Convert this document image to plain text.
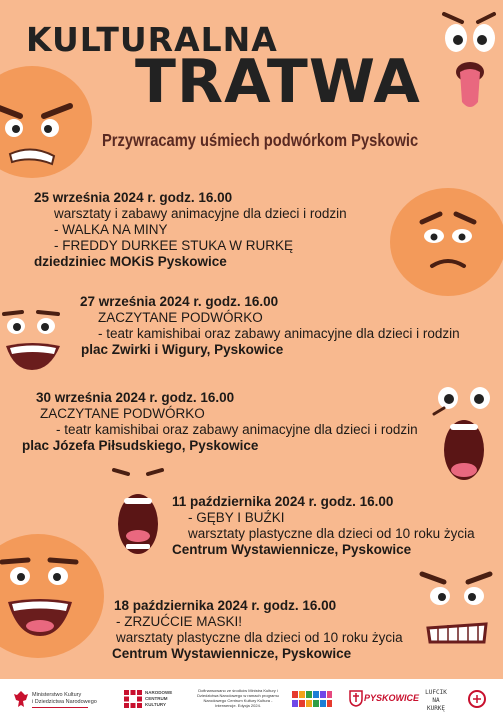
KULTURALNA
TRATWA
Przywracamy uśmiech podwórkom Pyskowic
25 września 2024 r. godz. 16.00
warsztaty i zabawy animacyjne dla dzieci i rodzin
- WALKA NA MINY
- FREDDY DURKEE STUKA W RURKĘ
dziedziniec MOKiS Pyskowice
27 września 2024 r. godz. 16.00
ZACZYTANE PODWÓRKO
- teatr kamishibai oraz zabawy animacyjne dla dzieci i rodzin
plac Zwirki i Wigury, Pyskowice
30 września 2024 r. godz. 16.00
ZACZYTANE PODWÓRKO
- teatr kamishibai oraz zabawy animacyjne dla dzieci i rodzin
plac Józefa Piłsudskiego, Pyskowice
11 października 2024 r. godz. 16.00
- GĘBY I BUŹKI
warsztaty plastyczne dla dzieci od 10 roku życia
Centrum Wystawiennicze, Pyskowice
18 października 2024 r. godz. 16.00
- ZRZUĆCIE MASKI!
warsztaty plastyczne dla dzieci od 10 roku życia
Centrum Wystawiennicze, Pyskowice
Ministerstwo Kultury
i Dziedzictwa Narodowego
NARODOWE CENTRUM KULTURY
Dofinansowano ze środków Ministra Kultury i Dziedzictwa Narodowego w ramach programu Narodowego Centrum Kultury Kultura - Interwencje. Edycja 2024.
PYSKOWICE
LUFCIK NA KURKĘ
